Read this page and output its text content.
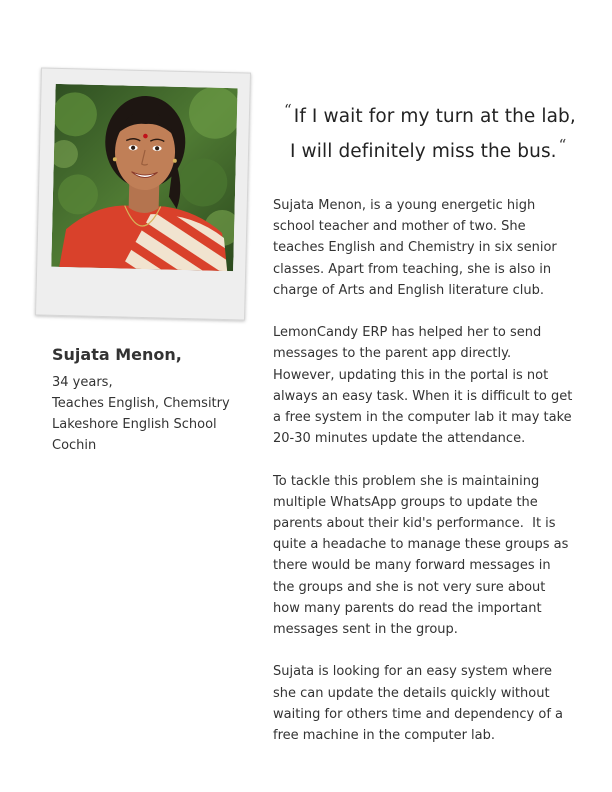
Sujata Menon,
34 years,
Teaches English, Chemsitry
Lakeshore English School
Cochin
“ If I wait for my turn at the lab,
I will definitely miss the bus. “
Sujata Menon, is a young energetic high
school teacher and mother of two. She
teaches English and Chemistry in six senior
classes. Apart from teaching, she is also in
charge of Arts and English literature club.
LemonCandy ERP has helped her to send
messages to the parent app directly.
However, updating this in the portal is not
always an easy task. When it is difficult to get
a free system in the computer lab it may take
20-30 minutes update the attendance.
To tackle this problem she is maintaining
multiple WhatsApp groups to update the
parents about their kid's performance.  It is
quite a headache to manage these groups as
there would be many forward messages in
the groups and she is not very sure about
how many parents do read the important
messages sent in the group.
Sujata is looking for an easy system where
she can update the details quickly without
waiting for others time and dependency of a
free machine in the computer lab.
